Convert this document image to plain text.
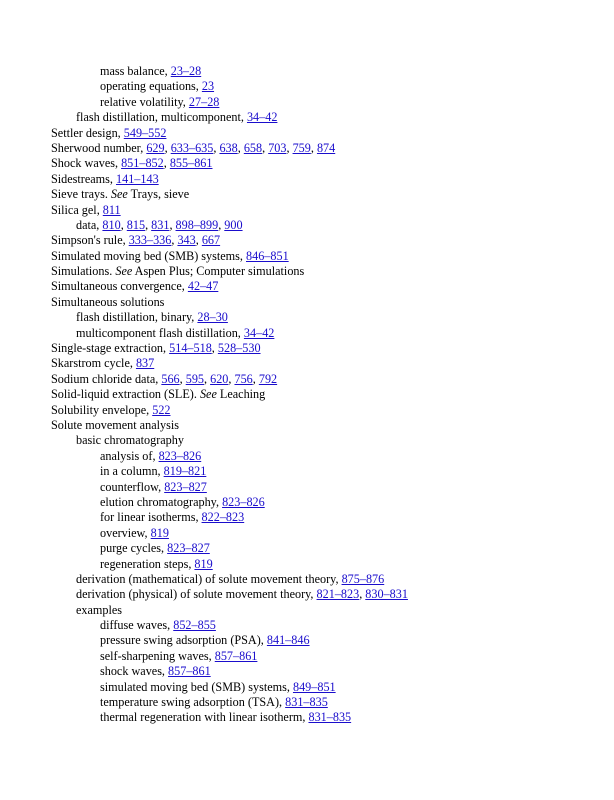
mass balance, 23–28
operating equations, 23
relative volatility, 27–28
flash distillation, multicomponent, 34–42
Settler design, 549–552
Sherwood number, 629, 633–635, 638, 658, 703, 759, 874
Shock waves, 851–852, 855–861
Sidestreams, 141–143
Sieve trays. See Trays, sieve
Silica gel, 811
data, 810, 815, 831, 898–899, 900
Simpson's rule, 333–336, 343, 667
Simulated moving bed (SMB) systems, 846–851
Simulations. See Aspen Plus; Computer simulations
Simultaneous convergence, 42–47
Simultaneous solutions
flash distillation, binary, 28–30
multicomponent flash distillation, 34–42
Single-stage extraction, 514–518, 528–530
Skarstrom cycle, 837
Sodium chloride data, 566, 595, 620, 756, 792
Solid-liquid extraction (SLE). See Leaching
Solubility envelope, 522
Solute movement analysis
basic chromatography
analysis of, 823–826
in a column, 819–821
counterflow, 823–827
elution chromatography, 823–826
for linear isotherms, 822–823
overview, 819
purge cycles, 823–827
regeneration steps, 819
derivation (mathematical) of solute movement theory, 875–876
derivation (physical) of solute movement theory, 821–823, 830–831
examples
diffuse waves, 852–855
pressure swing adsorption (PSA), 841–846
self-sharpening waves, 857–861
shock waves, 857–861
simulated moving bed (SMB) systems, 849–851
temperature swing adsorption (TSA), 831–835
thermal regeneration with linear isotherm, 831–835
